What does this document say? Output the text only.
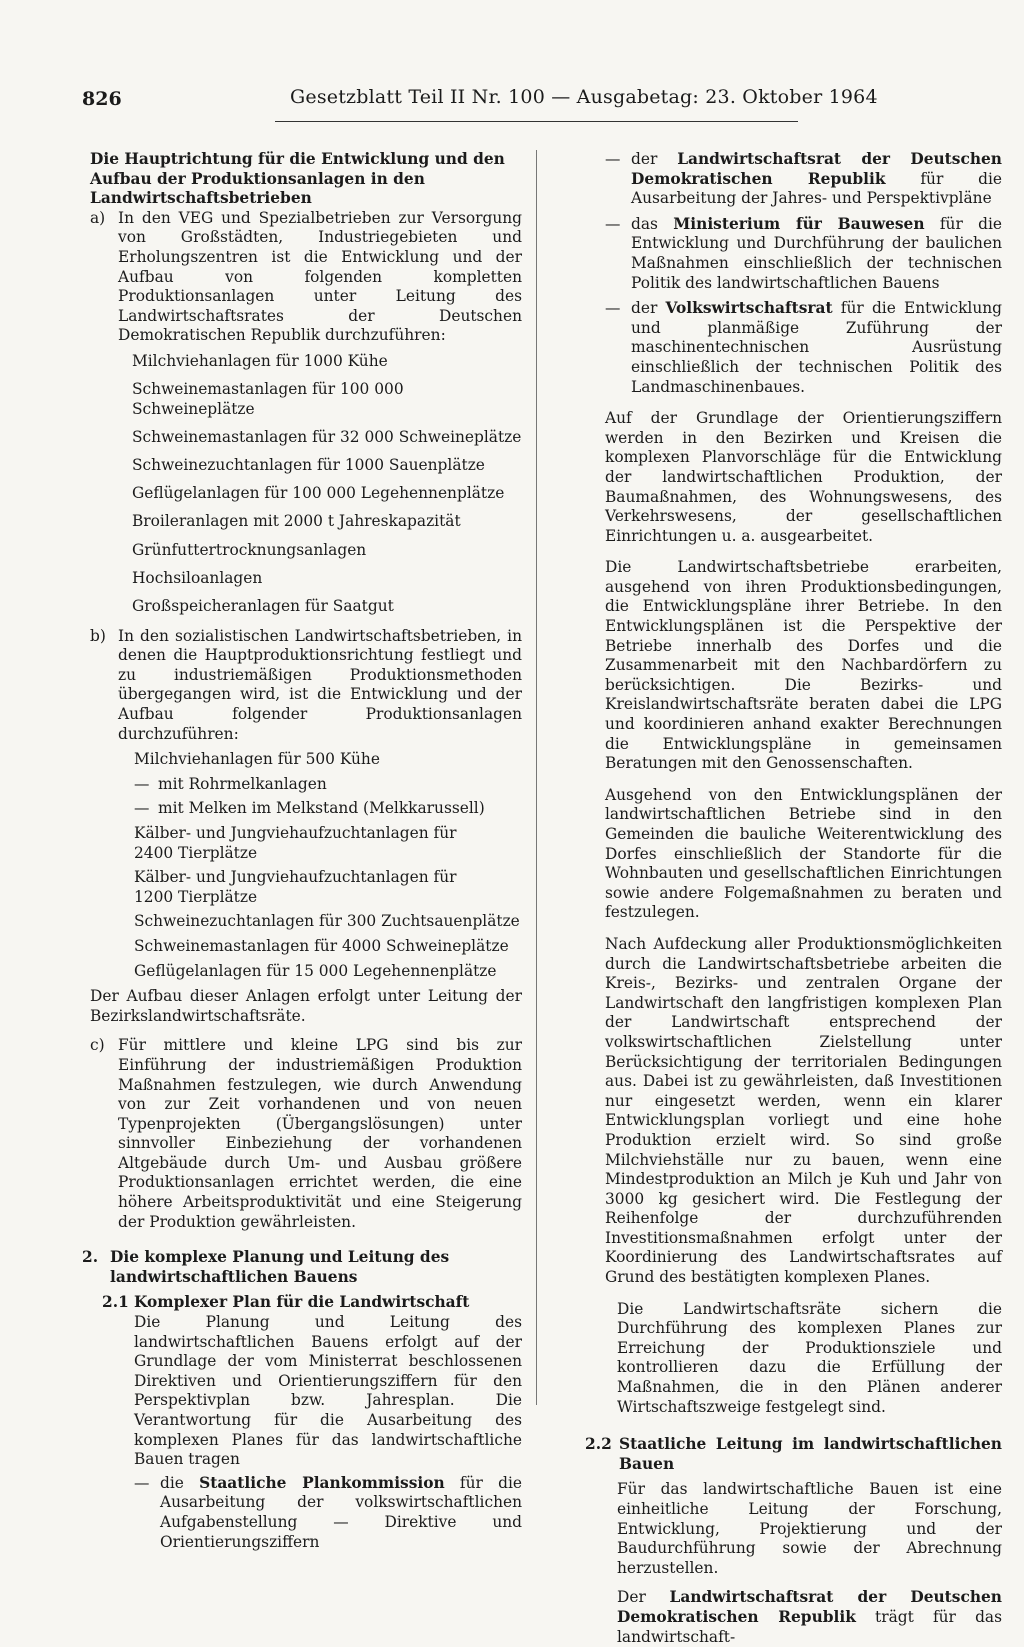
826	Gesetzblatt Teil II Nr. 100 — Ausgabetag: 23. Oktober 1964

Die Hauptrichtung für die Entwicklung und den Aufbau der Produktionsanlagen in den Landwirtschaftsbetrieben

a) In den VEG und Spezialbetrieben zur Versorgung von Großstädten, Industriegebieten und Erholungszentren ist die Entwicklung und der Aufbau von folgenden kompletten Produktionsanlagen unter Leitung des Landwirtschaftsrates der Deutschen Demokratischen Republik durchzuführen:
Milchviehanlagen für 1000 Kühe
Schweinemastanlagen für 100 000 Schweineplätze
Schweinemastanlagen für 32 000 Schweineplätze
Schweinezuchtanlagen für 1000 Sauenplätze
Geflügelanlagen für 100 000 Legehennenplätze
Broileranlagen mit 2000 t Jahreskapazität
Grünfuttertrocknungsanlagen
Hochsiloanlagen
Großspeicheranlagen für Saatgut
b) In den sozialistischen Landwirtschaftsbetrieben, in denen die Hauptproduktionsrichtung festliegt und zu industriemäßigen Produktionsmethoden übergegangen wird, ist die Entwicklung und der Aufbau folgender Produktionsanlagen durchzuführen:
Milchviehanlagen für 500 Kühe
— mit Rohrmelkanlagen
— mit Melken im Melkstand (Melkkarussell)
Kälber- und Jungviehaufzuchtanlagen für 2400 Tierplätze
Kälber- und Jungviehaufzuchtanlagen für 1200 Tierplätze
Schweinezuchtanlagen für 300 Zuchtsauenplätze
Schweinemastanlagen für 4000 Schweineplätze
Geflügelanlagen für 15 000 Legehennenplätze

Der Aufbau dieser Anlagen erfolgt unter Leitung der Bezirkslandwirtschaftsräte.

c) Für mittlere und kleine LPG sind bis zur Einführung der industriemäßigen Produktion Maßnahmen festzulegen, wie durch Anwendung von zur Zeit vorhandenen und von neuen Typenprojekten (Übergangslösungen) unter sinnvoller Einbeziehung der vorhandenen Altgebäude durch Um- und Ausbau größere Produktionsanlagen errichtet werden, die eine höhere Arbeitsproduktivität und eine Steigerung der Produktion gewährleisten.
2. Die komplexe Planung und Leitung des landwirtschaftlichen Bauens
2.1 Komplexer Plan für die Landwirtschaft

Die Planung und Leitung des landwirtschaftlichen Bauens erfolgt auf der Grundlage der vom Ministerrat beschlossenen Direktiven und Orientierungsziffern für den Perspektivplan bzw. Jahresplan. Die Verantwortung für die Ausarbeitung des komplexen Planes für das landwirtschaftliche Bauen tragen

— die Staatliche Plankommission für die Ausarbeitung der volkswirtschaftlichen Aufgabenstellung — Direktive und Orientierungsziffern
— der Landwirtschaftsrat der Deutschen Demokratischen Republik für die Ausarbeitung der Jahres- und Perspektivpläne
— das Ministerium für Bauwesen für die Entwicklung und Durchführung der baulichen Maßnahmen einschließlich der technischen Politik des landwirtschaftlichen Bauens
— der Volkswirtschaftsrat für die Entwicklung und planmäßige Zuführung der maschinentechnischen Ausrüstung einschließlich der technischen Politik des Landmaschinenbaues.

Auf der Grundlage der Orientierungsziffern werden in den Bezirken und Kreisen die komplexen Planvorschläge für die Entwicklung der landwirtschaftlichen Produktion, der Baumaßnahmen, des Wohnungswesens, des Verkehrswesens, der gesellschaftlichen Einrichtungen u. a. ausgearbeitet.

Die Landwirtschaftsbetriebe erarbeiten, ausgehend von ihren Produktionsbedingungen, die Entwicklungspläne ihrer Betriebe. In den Entwicklungsplänen ist die Perspektive der Betriebe innerhalb des Dorfes und die Zusammenarbeit mit den Nachbardörfern zu berücksichtigen. Die Bezirks- und Kreislandwirtschaftsräte beraten dabei die LPG und koordinieren anhand exakter Berechnungen die Entwicklungspläne in gemeinsamen Beratungen mit den Genossenschaften.

Ausgehend von den Entwicklungsplänen der landwirtschaftlichen Betriebe sind in den Gemeinden die bauliche Weiterentwicklung des Dorfes einschließlich der Standorte für die Wohnbauten und gesellschaftlichen Einrichtungen sowie andere Folgemaßnahmen zu beraten und festzulegen.

Nach Aufdeckung aller Produktionsmöglichkeiten durch die Landwirtschaftsbetriebe arbeiten die Kreis-, Bezirks- und zentralen Organe der Landwirtschaft den langfristigen komplexen Plan der Landwirtschaft entsprechend der volkswirtschaftlichen Zielstellung unter Berücksichtigung der territorialen Bedingungen aus. Dabei ist zu gewährleisten, daß Investitionen nur eingesetzt werden, wenn ein klarer Entwicklungsplan vorliegt und eine hohe Produktion erzielt wird. So sind große Milchviehställe nur zu bauen, wenn eine Mindestproduktion an Milch je Kuh und Jahr von 3000 kg gesichert wird. Die Festlegung der Reihenfolge der durchzuführenden Investitionsmaßnahmen erfolgt unter der Koordinierung des Landwirtschaftsrates auf Grund des bestätigten komplexen Planes.

Die Landwirtschaftsräte sichern die Durchführung des komplexen Planes zur Erreichung der Produktionsziele und kontrollieren dazu die Erfüllung der Maßnahmen, die in den Plänen anderer Wirtschaftszweige festgelegt sind.

2.2 Staatliche Leitung im landwirtschaftlichen Bauen

Für das landwirtschaftliche Bauen ist eine einheitliche Leitung der Forschung, Entwicklung, Projektierung und der Baudurchführung sowie der Abrechnung herzustellen.

Der Landwirtschaftsrat der Deutschen Demokratischen Republik trägt für das landwirtschaft-
